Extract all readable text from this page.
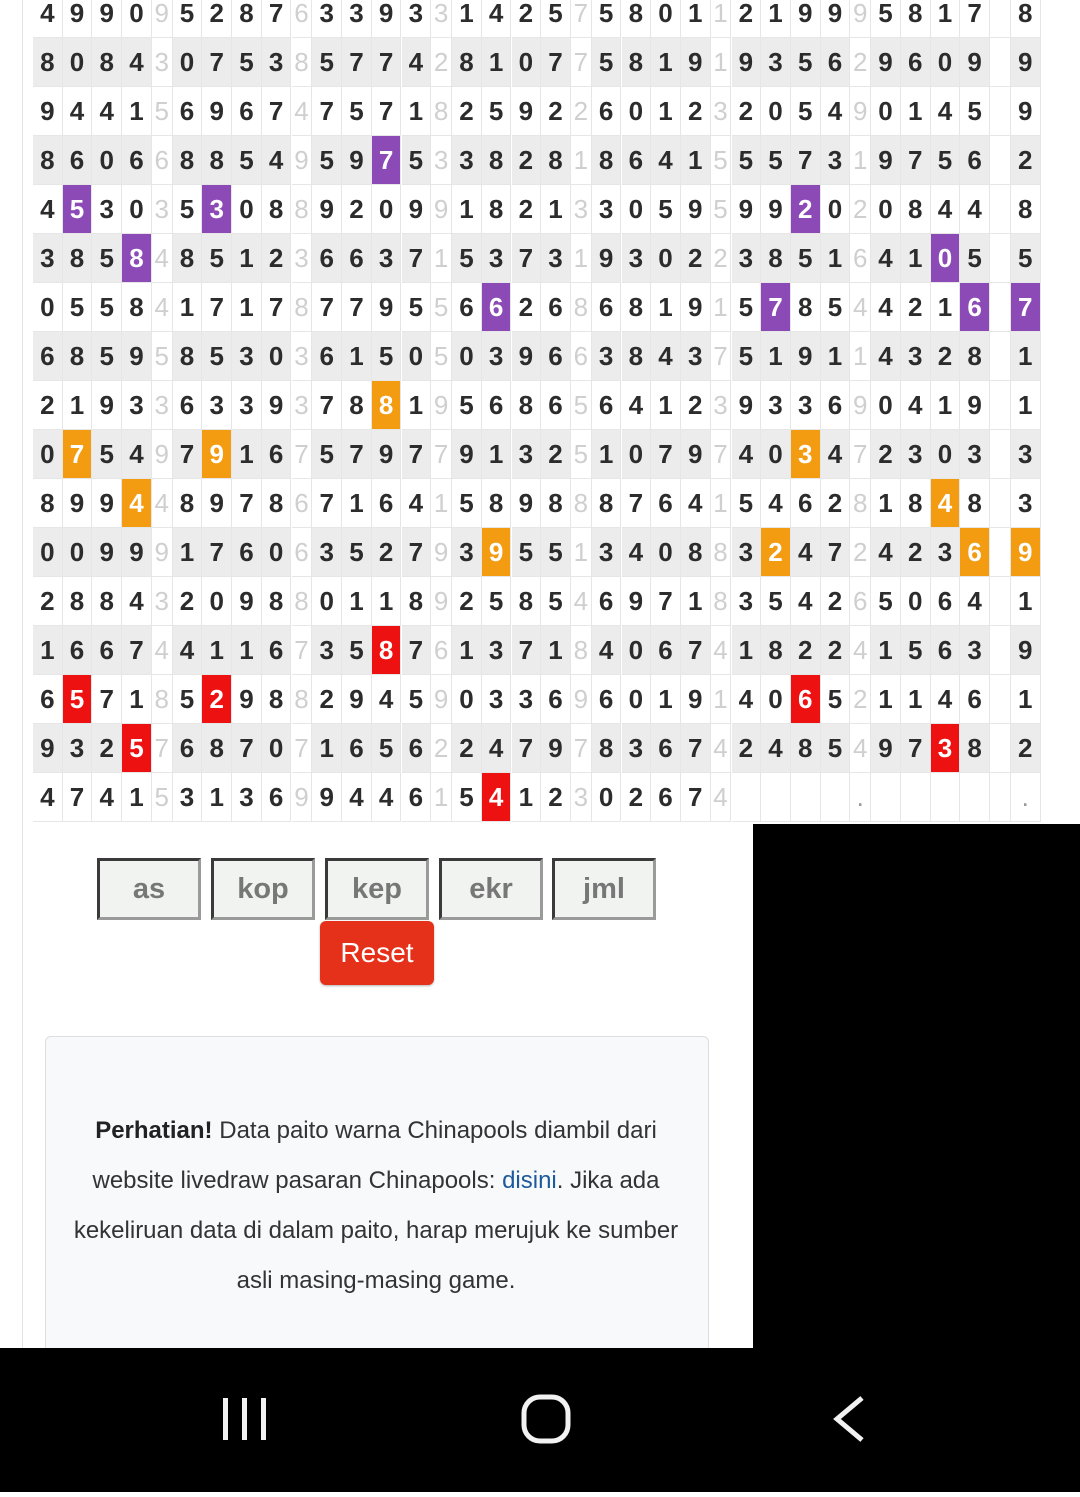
4 9 9 0 9 5 2 8 7 6 3 3 9 3 3 1 4 2 5 7 5 8 0 1 1 2 1 9 9 9 5 8 1 7	8
8 0 8 4 3 0 7 5 3 8 5 7 7 4 2 8 1 0 7 7 5 8 1 9 1 9 3 5 6 2 9 6 0 9	9
9 4 4 1 5 6 9 6 7 4 7 5 7 1 8 2 5 9 2 2 6 0 1 2 3 2 0 5 4 9 0 1 4 5	9
8 6 0 6 6 8 8 5 4 9 5 9 7 5 3 3 8 2 8 1 8 6 4 1 5 5 5 7 3 1 9 7 5 6	2
4 5 3 0 3 5 3 0 8 8 9 2 0 9 9 1 8 2 1 3 3 0 5 9 5 9 9 2 0 2 0 8 4 4	8
3 8 5 8 4 8 5 1 2 3 6 6 3 7 1 5 3 7 3 1 9 3 0 2 2 3 8 5 1 6 4 1 0 5	5
0 5 5 8 4 1 7 1 7 8 7 7 9 5 5 6 6 2 6 8 6 8 1 9 1 5 7 8 5 4 4 2 1 6	7
6 8 5 9 5 8 5 3 0 3 6 1 5 0 5 0 3 9 6 6 3 8 4 3 7 5 1 9 1 1 4 3 2 8	1
2 1 9 3 3 6 3 3 9 3 7 8 8 1 9 5 6 8 6 5 6 4 1 2 3 9 3 3 6 9 0 4 1 9	1
0 7 5 4 9 7 9 1 6 7 5 7 9 7 7 9 1 3 2 5 1 0 7 9 7 4 0 3 4 7 2 3 0 3	3
8 9 9 4 4 8 9 7 8 6 7 1 6 4 1 5 8 9 8 8 8 7 6 4 1 5 4 6 2 8 1 8 4 8	3
0 0 9 9 9 1 7 6 0 6 3 5 2 7 9 3 9 5 5 1 3 4 0 8 8 3 2 4 7 2 4 2 3 6	9
2 8 8 4 3 2 0 9 8 8 0 1 1 8 9 2 5 8 5 4 6 9 7 1 8 3 5 4 2 6 5 0 6 4	1
1 6 6 7 4 4 1 1 6 7 3 5 8 7 6 1 3 7 1 8 4 0 6 7 4 1 8 2 2 4 1 5 6 3	9
6 5 7 1 8 5 2 9 8 8 2 9 4 5 9 0 3 3 6 9 6 0 1 9 1 4 0 6 5 2 1 1 4 6	1
9 3 2 5 7 6 8 7 0 7 1 6 5 6 2 2 4 7 9 7 8 3 6 7 4 2 4 8 5 4 9 7 3 8	2
4 7 4 1 5 3 1 3 6 9 9 4 4 6 1 5 4 1 2 3 0 2 6 7 4	.	.
as	kop	kep	ekr	jml
Reset
Perhatian! Data paito warna Chinapools diambil dari website livedraw pasaran Chinapools: disini. Jika ada kekeliruan data di dalam paito, harap merujuk ke sumber asli masing-masing game.
